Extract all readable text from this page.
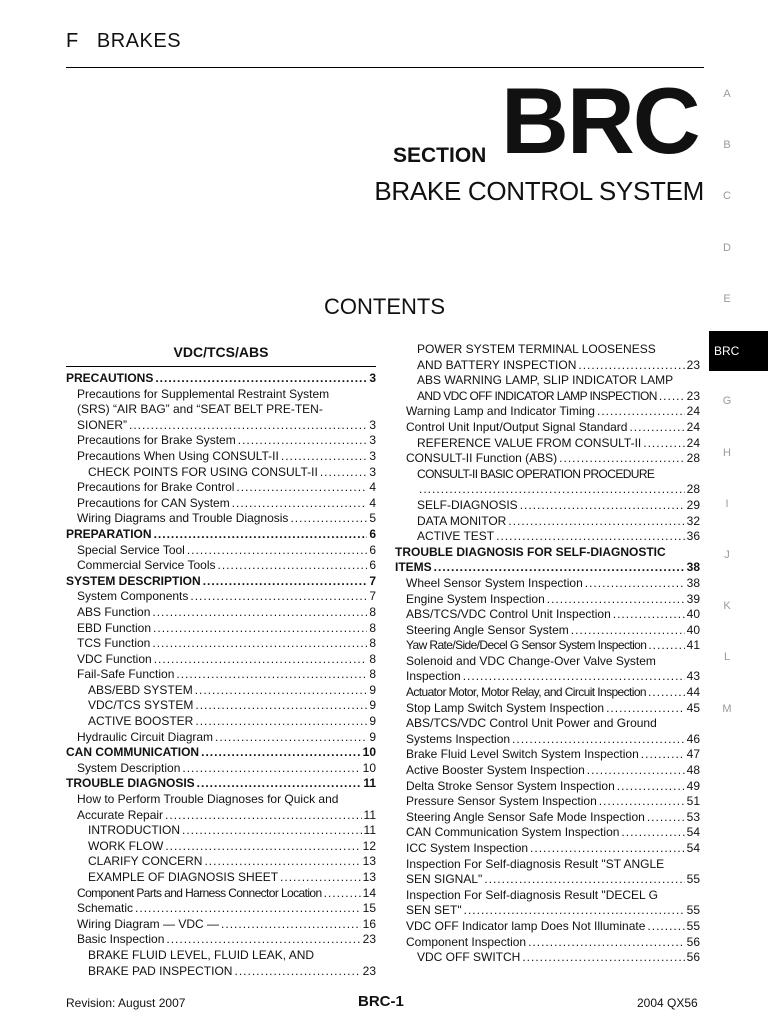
F   BRAKES
SECTION BRC
BRAKE CONTROL SYSTEM
CONTENTS
A
B
C
D
E
G
H
I
J
K
L
M
BRC
VDC/TCS/ABS
PRECAUTIONS .....	3
Precautions for Supplemental Restraint System
(SRS) “AIR BAG” and “SEAT BELT PRE-TEN-
SIONER” .....	3
Precautions for Brake System .....	3
Precautions When Using CONSULT-II .....	3
CHECK POINTS FOR USING CONSULT-II .....	3
Precautions for Brake Control .....	4
Precautions for CAN System .....	4
Wiring Diagrams and Trouble Diagnosis .....	5
PREPARATION .....	6
Special Service Tool .....	6
Commercial Service Tools .....	6
SYSTEM DESCRIPTION .....	7
System Components .....	7
ABS Function .....	8
EBD Function .....	8
TCS Function .....	8
VDC Function .....	8
Fail-Safe Function .....	8
ABS/EBD SYSTEM .....	9
VDC/TCS SYSTEM .....	9
ACTIVE BOOSTER .....	9
Hydraulic Circuit Diagram .....	9
CAN COMMUNICATION .....	10
System Description .....	10
TROUBLE DIAGNOSIS .....	11
How to Perform Trouble Diagnoses for Quick and
Accurate Repair .....	11
INTRODUCTION .....	11
WORK FLOW .....	12
CLARIFY CONCERN .....	13
EXAMPLE OF DIAGNOSIS SHEET .....	13
Component Parts and Harness Connector Location .....	14
Schematic .....	15
Wiring Diagram — VDC — .....	16
Basic Inspection .....	23
BRAKE FLUID LEVEL, FLUID LEAK, AND
BRAKE PAD INSPECTION .....	23
POWER SYSTEM TERMINAL LOOSENESS
AND BATTERY INSPECTION .....	23
ABS WARNING LAMP, SLIP INDICATOR LAMP
AND VDC OFF INDICATOR LAMP INSPECTION ..... 23
Warning Lamp and Indicator Timing .....	24
Control Unit Input/Output Signal Standard .....	24
REFERENCE VALUE FROM CONSULT-II .....	24
CONSULT-II Function (ABS) .....	28
CONSULT-II BASIC OPERATION PROCEDURE
.....
28
SELF-DIAGNOSIS .....	29
DATA MONITOR .....	32
ACTIVE TEST .....	36
TROUBLE DIAGNOSIS FOR SELF-DIAGNOSTIC
ITEMS .....	38
Wheel Sensor System Inspection .....	38
Engine System Inspection .....	39
ABS/TCS/VDC Control Unit Inspection .....	40
Steering Angle Sensor System .....	40
Yaw Rate/Side/Decel G Sensor System Inspection .....	41
Solenoid and VDC Change-Over Valve System
Inspection .....	43
Actuator Motor, Motor Relay, and Circuit Inspection .....	44
Stop Lamp Switch System Inspection .....	45
ABS/TCS/VDC Control Unit Power and Ground
Systems Inspection .....	46
Brake Fluid Level Switch System Inspection .....	47
Active Booster System Inspection .....	48
Delta Stroke Sensor System Inspection .....	49
Pressure Sensor System Inspection .....	51
Steering Angle Sensor Safe Mode Inspection .....	53
CAN Communication System Inspection .....	54
ICC System Inspection .....	54
Inspection For Self-diagnosis Result "ST ANGLE
SEN SIGNAL" .....	55
Inspection For Self-diagnosis Result "DECEL G
SEN SET" .....	55
VDC OFF Indicator lamp Does Not Illuminate .....	55
Component Inspection .....	56
VDC OFF SWITCH .....	56
Revision: August 2007	BRC-1	2004 QX56
